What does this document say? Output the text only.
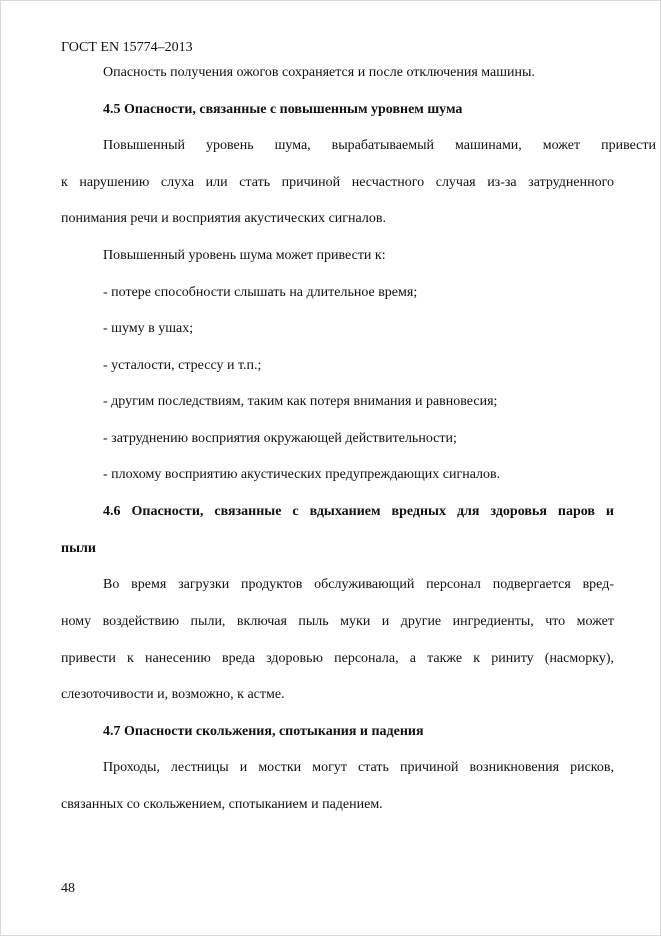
ГОСТ EN 15774–2013
Опасность получения ожогов сохраняется и после отключения машины.
4.5 Опасности, связанные с повышенным уровнем шума
Повышенный уровень шума, вырабатываемый машинами, может привести
к нарушению слуха или стать причиной несчастного случая из-за затрудненного
понимания речи и восприятия акустических сигналов.
Повышенный уровень шума может привести к:
- потере способности слышать на длительное время;
- шуму в ушах;
- усталости, стрессу и т.п.;
- другим последствиям, таким как потеря внимания и равновесия;
- затруднению восприятия окружающей действительности;
- плохому восприятию акустических предупреждающих сигналов.
4.6 Опасности, связанные с вдыханием вредных для здоровья паров и
пыли
Во время загрузки продуктов обслуживающий персонал подвергается вред-
ному воздействию пыли, включая пыль муки и другие ингредиенты, что может
привести к нанесению вреда здоровью персонала, а также к риниту (насморку),
слезоточивости и, возможно, к астме.
4.7 Опасности скольжения, спотыкания и падения
Проходы, лестницы и мостки могут стать причиной возникновения рисков,
связанных со скольжением, спотыканием и падением.
48
